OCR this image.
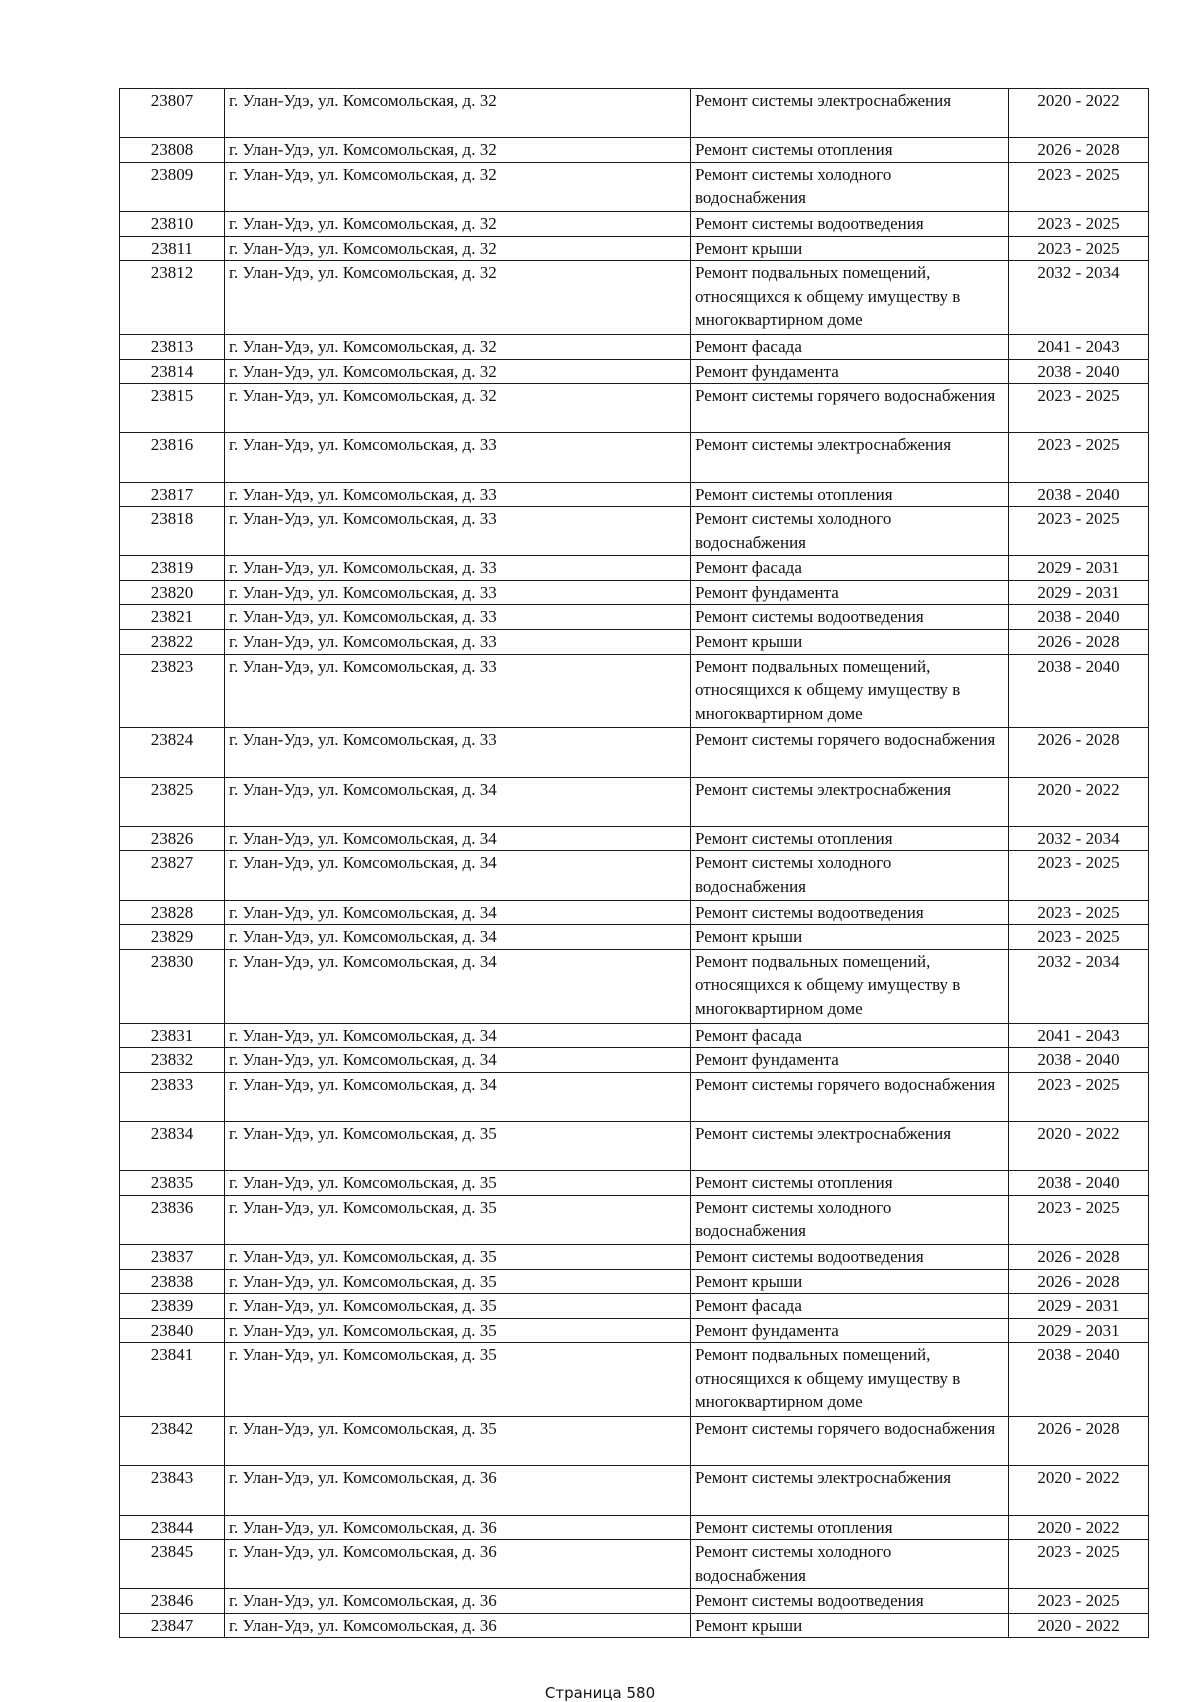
23807	г. Улан-Удэ, ул. Комсомольская, д. 32	Ремонт системы электроснабжения	2020 - 2022
23808	г. Улан-Удэ, ул. Комсомольская, д. 32	Ремонт системы отопления	2026 - 2028
23809	г. Улан-Удэ, ул. Комсомольская, д. 32	Ремонт системы холодного водоснабжения	2023 - 2025
23810	г. Улан-Удэ, ул. Комсомольская, д. 32	Ремонт системы водоотведения	2023 - 2025
23811	г. Улан-Удэ, ул. Комсомольская, д. 32	Ремонт крыши	2023 - 2025
23812	г. Улан-Удэ, ул. Комсомольская, д. 32	Ремонт подвальных помещений, относящихся к общему имуществу в многоквартирном доме	2032 - 2034
23813	г. Улан-Удэ, ул. Комсомольская, д. 32	Ремонт фасада	2041 - 2043
23814	г. Улан-Удэ, ул. Комсомольская, д. 32	Ремонт фундамента	2038 - 2040
23815	г. Улан-Удэ, ул. Комсомольская, д. 32	Ремонт системы горячего водоснабжения	2023 - 2025
23816	г. Улан-Удэ, ул. Комсомольская, д. 33	Ремонт системы электроснабжения	2023 - 2025
23817	г. Улан-Удэ, ул. Комсомольская, д. 33	Ремонт системы отопления	2038 - 2040
23818	г. Улан-Удэ, ул. Комсомольская, д. 33	Ремонт системы холодного водоснабжения	2023 - 2025
23819	г. Улан-Удэ, ул. Комсомольская, д. 33	Ремонт фасада	2029 - 2031
23820	г. Улан-Удэ, ул. Комсомольская, д. 33	Ремонт фундамента	2029 - 2031
23821	г. Улан-Удэ, ул. Комсомольская, д. 33	Ремонт системы водоотведения	2038 - 2040
23822	г. Улан-Удэ, ул. Комсомольская, д. 33	Ремонт крыши	2026 - 2028
23823	г. Улан-Удэ, ул. Комсомольская, д. 33	Ремонт подвальных помещений, относящихся к общему имуществу в многоквартирном доме	2038 - 2040
23824	г. Улан-Удэ, ул. Комсомольская, д. 33	Ремонт системы горячего водоснабжения	2026 - 2028
23825	г. Улан-Удэ, ул. Комсомольская, д. 34	Ремонт системы электроснабжения	2020 - 2022
23826	г. Улан-Удэ, ул. Комсомольская, д. 34	Ремонт системы отопления	2032 - 2034
23827	г. Улан-Удэ, ул. Комсомольская, д. 34	Ремонт системы холодного водоснабжения	2023 - 2025
23828	г. Улан-Удэ, ул. Комсомольская, д. 34	Ремонт системы водоотведения	2023 - 2025
23829	г. Улан-Удэ, ул. Комсомольская, д. 34	Ремонт крыши	2023 - 2025
23830	г. Улан-Удэ, ул. Комсомольская, д. 34	Ремонт подвальных помещений, относящихся к общему имуществу в многоквартирном доме	2032 - 2034
23831	г. Улан-Удэ, ул. Комсомольская, д. 34	Ремонт фасада	2041 - 2043
23832	г. Улан-Удэ, ул. Комсомольская, д. 34	Ремонт фундамента	2038 - 2040
23833	г. Улан-Удэ, ул. Комсомольская, д. 34	Ремонт системы горячего водоснабжения	2023 - 2025
23834	г. Улан-Удэ, ул. Комсомольская, д. 35	Ремонт системы электроснабжения	2020 - 2022
23835	г. Улан-Удэ, ул. Комсомольская, д. 35	Ремонт системы отопления	2038 - 2040
23836	г. Улан-Удэ, ул. Комсомольская, д. 35	Ремонт системы холодного водоснабжения	2023 - 2025
23837	г. Улан-Удэ, ул. Комсомольская, д. 35	Ремонт системы водоотведения	2026 - 2028
23838	г. Улан-Удэ, ул. Комсомольская, д. 35	Ремонт крыши	2026 - 2028
23839	г. Улан-Удэ, ул. Комсомольская, д. 35	Ремонт фасада	2029 - 2031
23840	г. Улан-Удэ, ул. Комсомольская, д. 35	Ремонт фундамента	2029 - 2031
23841	г. Улан-Удэ, ул. Комсомольская, д. 35	Ремонт подвальных помещений, относящихся к общему имуществу в многоквартирном доме	2038 - 2040
23842	г. Улан-Удэ, ул. Комсомольская, д. 35	Ремонт системы горячего водоснабжения	2026 - 2028
23843	г. Улан-Удэ, ул. Комсомольская, д. 36	Ремонт системы электроснабжения	2020 - 2022
23844	г. Улан-Удэ, ул. Комсомольская, д. 36	Ремонт системы отопления	2020 - 2022
23845	г. Улан-Удэ, ул. Комсомольская, д. 36	Ремонт системы холодного водоснабжения	2023 - 2025
23846	г. Улан-Удэ, ул. Комсомольская, д. 36	Ремонт системы водоотведения	2023 - 2025
23847	г. Улан-Удэ, ул. Комсомольская, д. 36	Ремонт крыши	2020 - 2022
Страница 580
